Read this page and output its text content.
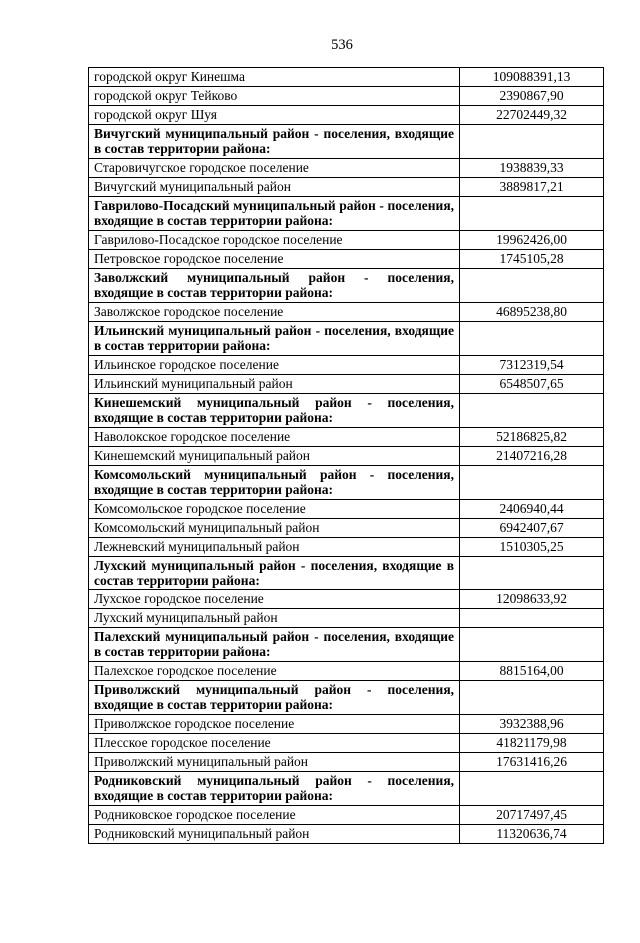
536
городской округ Кинешма	109088391,13
городской округ Тейково	2390867,90
городской округ Шуя	22702449,32
Вичугский муниципальный район - поселения, входящие в состав территории района:	
Старовичугское городское поселение	1938839,33
Вичугский муниципальный район	3889817,21
Гаврилово-Посадский муниципальный район - поселения, входящие в состав территории района:	
Гаврилово-Посадское городское поселение	19962426,00
Петровское городское поселение	1745105,28
Заволжский муниципальный район - поселения, входящие в состав территории района:	
Заволжское городское поселение	46895238,80
Ильинский муниципальный район - поселения, входящие в состав территории района:	
Ильинское городское поселение	7312319,54
Ильинский муниципальный район	6548507,65
Кинешемский муниципальный район - поселения, входящие в состав территории района:	
Наволокское городское поселение	52186825,82
Кинешемский муниципальный район	21407216,28
Комсомольский муниципальный район - поселения, входящие в состав территории района:	
Комсомольское городское поселение	2406940,44
Комсомольский муниципальный район	6942407,67
Лежневский муниципальный район	1510305,25
Лухский муниципальный район - поселения, входящие в состав территории района:	
Лухское городское поселение	12098633,92
Лухский муниципальный район	
Палехский муниципальный район - поселения, входящие в состав территории района:	
Палехское городское поселение	8815164,00
Приволжский муниципальный район - поселения, входящие в состав территории района:	
Приволжское городское поселение	3932388,96
Плесское городское поселение	41821179,98
Приволжский муниципальный район	17631416,26
Родниковский муниципальный район - поселения, входящие в состав территории района:	
Родниковское городское поселение	20717497,45
Родниковский муниципальный район	11320636,74
